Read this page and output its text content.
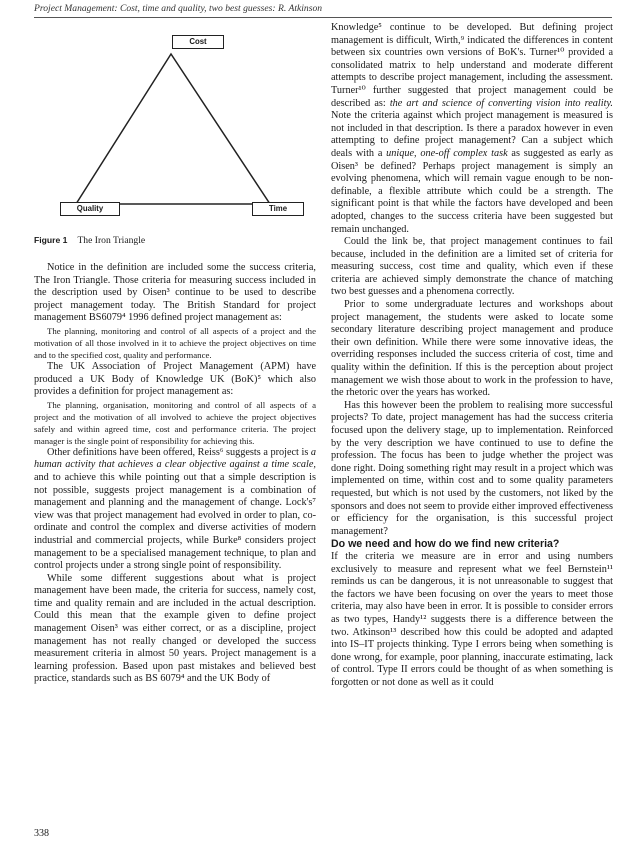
Project Management: Cost, time and quality, two best guesses: R. Atkinson
Cost
Quality	Time
Figure 1 The Iron Triangle

Notice in the definition are included some the success criteria, The Iron Triangle. Those criteria for measuring success included in the description used by Oisen³ continue to be used to describe project management today. The British Standard for project management BS6079⁴ 1996 defined project management as:

The planning, monitoring and control of all aspects of a project and the motivation of all those involved in it to achieve the project objectives on time and to the specified cost, quality and performance.

The UK Association of Project Management (APM) have produced a UK Body of Knowledge UK (BoK)⁵ which also provides a definition for project management as:

The planning, organisation, monitoring and control of all aspects of a project and the motivation of all involved to achieve the project objectives safely and within agreed time, cost and performance criteria. The project manager is the single point of responsibility for achieving this.

Other definitions have been offered, Reiss⁶ suggests a project is a human activity that achieves a clear objective against a time scale, and to achieve this while pointing out that a simple description is not possible, suggests project management is a combination of management and planning and the management of change. Lock's⁷ view was that project management had evolved in order to plan, co-ordinate and control the complex and diverse activities of modern industrial and commercial projects, while Burke⁸ considers project management to be a specialised management technique, to plan and control projects under a strong single point of responsibility.

While some different suggestions about what is project management have been made, the criteria for success, namely cost, time and quality remain and are included in the actual description. Could this mean that the example given to define project management Oisen³ was either correct, or as a discipline, project management has not really changed or developed the success measurement criteria in almost 50 years. Project management is a learning profession. Based upon past mistakes and believed best practice, standards such as BS 6079⁴ and the UK Body of

Knowledge⁵ continue to be developed. But defining project management is difficult, Wirth,⁹ indicated the differences in content between six countries own versions of BoK's. Turner¹⁰ provided a consolidated matrix to help understand and moderate different attempts to describe project management, including the assessment. Turner¹⁰ further suggested that project management could be described as: the art and science of converting vision into reality. Note the criteria against which project management is measured is not included in that description. Is there a paradox however in even attempting to define project management? Can a subject which deals with a unique, one-off complex task as suggested as early as Oisen³ be defined? Perhaps project management is simply an evolving phenomena, which will remain vague enough to be non-definable, a flexible attribute which could be a strength. The significant point is that while the factors have developed and been adopted, changes to the success criteria have been suggested but remain unchanged.

Could the link be, that project management continues to fail because, included in the definition are a limited set of criteria for measuring success, cost time and quality, which even if these criteria are achieved simply demonstrate the chance of matching two best guesses and a phenomena correctly.

Prior to some undergraduate lectures and workshops about project management, the students were asked to locate some secondary literature describing project management and produce their own definition. While there were some innovative ideas, the overriding responses included the success criteria of cost, time and quality within the definition. If this is the perception about project management we wish those about to work in the profession to have, the rhetoric over the years has worked.

Has this however been the problem to realising more successful projects? To date, project management has had the success criteria focused upon the delivery stage, up to implementation. Reinforced by the very description we have continued to use to define the profession. The focus has been to judge whether the project was done right. Doing something right may result in a project which was implemented on time, within cost and to some quality parameters requested, but which is not used by the customers, not liked by the sponsors and does not seem to provide either improved effectiveness or efficiency for the organisation, is this successful project management?

Do we need and how do we find new criteria?

If the criteria we measure are in error and using numbers exclusively to measure and represent what we feel Bernstein¹¹ reminds us can be dangerous, it is not unreasonable to suggest that the factors we have been focusing on over the years to meet those criteria, may also have been in error. It is possible to consider errors as two types, Handy¹² suggests there is a difference between the two. Atkinson¹³ described how this could be adopted and adapted into IS–IT projects thinking. Type I errors being when something is done wrong, for example, poor planning, inaccurate estimating, lack of control. Type II errors could be thought of as when something is forgotten or not done as well as it could

338
